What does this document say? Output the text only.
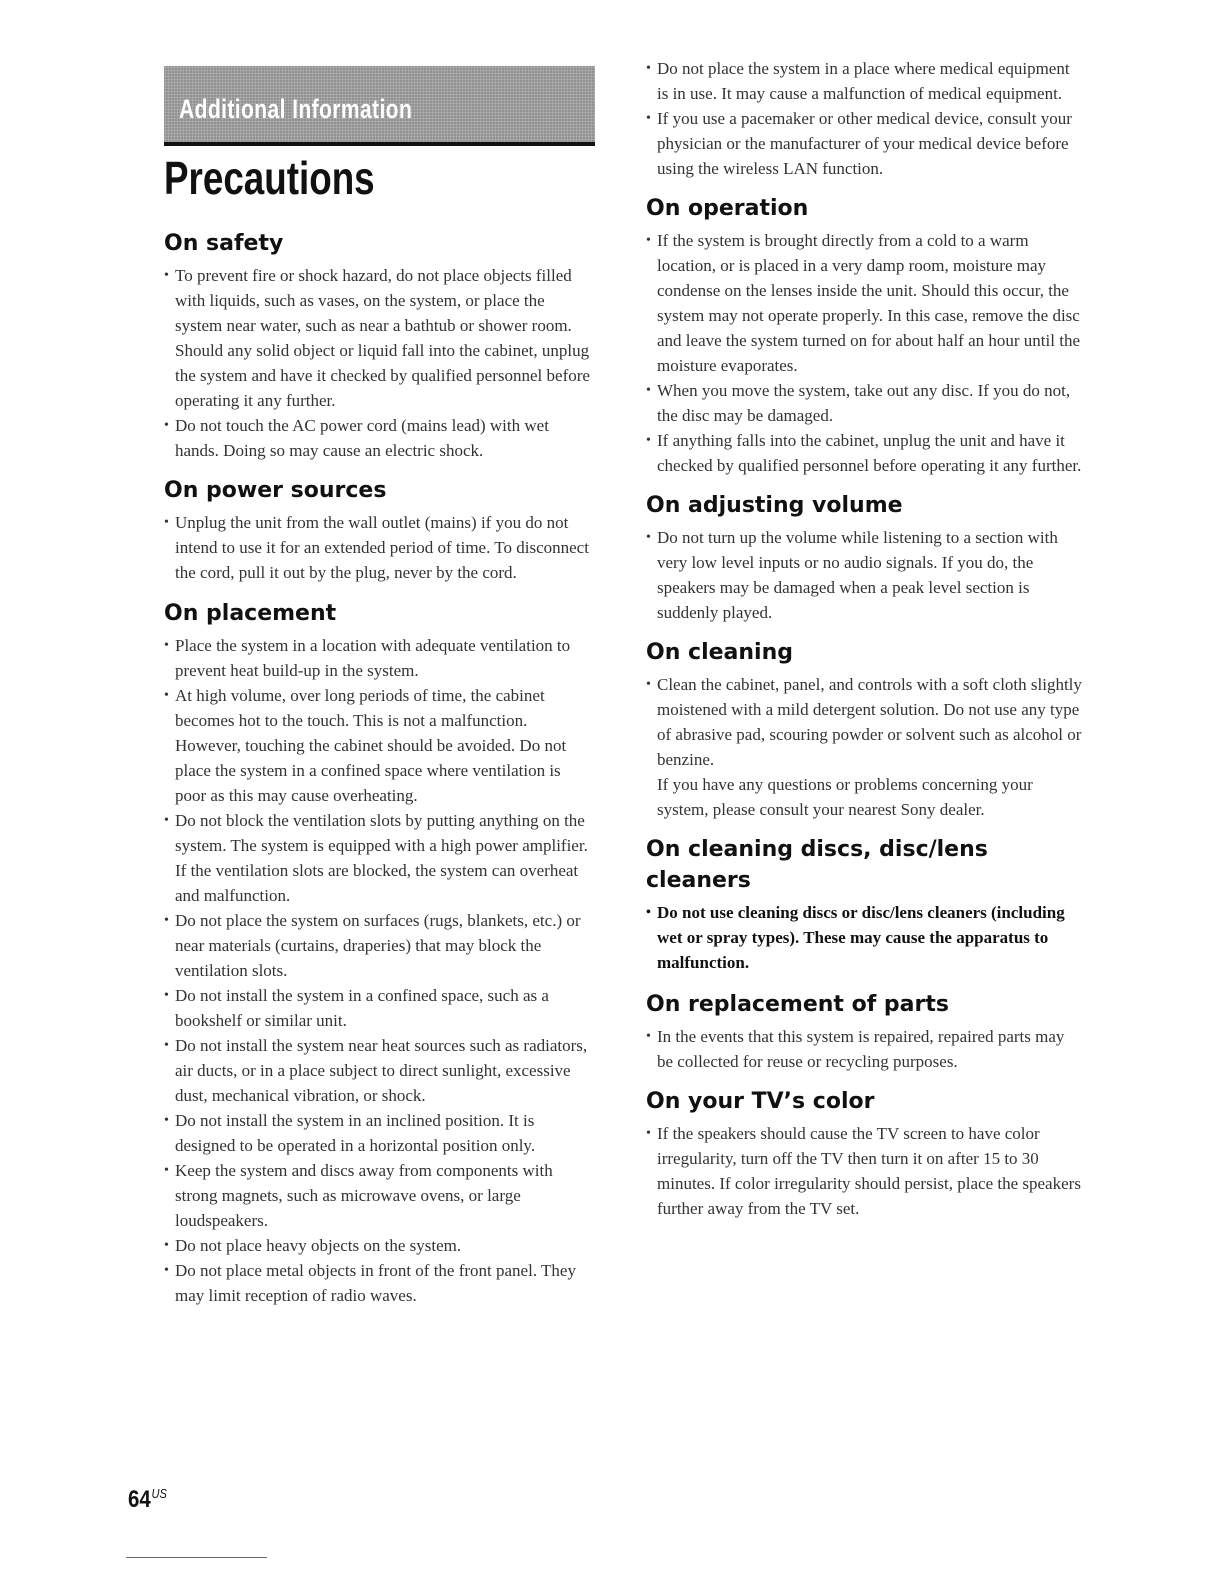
Additional Information
Precautions
On safety
• To prevent fire or shock hazard, do not place objects filled with liquids, such as vases, on the system, or place the system near water, such as near a bathtub or shower room. Should any solid object or liquid fall into the cabinet, unplug the system and have it checked by qualified personnel before operating it any further.
• Do not touch the AC power cord (mains lead) with wet hands. Doing so may cause an electric shock.
On power sources
• Unplug the unit from the wall outlet (mains) if you do not intend to use it for an extended period of time. To disconnect the cord, pull it out by the plug, never by the cord.
On placement
• Place the system in a location with adequate ventilation to prevent heat build-up in the system.
• At high volume, over long periods of time, the cabinet becomes hot to the touch. This is not a malfunction. However, touching the cabinet should be avoided. Do not place the system in a confined space where ventilation is poor as this may cause overheating.
• Do not block the ventilation slots by putting anything on the system. The system is equipped with a high power amplifier. If the ventilation slots are blocked, the system can overheat and malfunction.
• Do not place the system on surfaces (rugs, blankets, etc.) or near materials (curtains, draperies) that may block the ventilation slots.
• Do not install the system in a confined space, such as a bookshelf or similar unit.
• Do not install the system near heat sources such as radiators, air ducts, or in a place subject to direct sunlight, excessive dust, mechanical vibration, or shock.
• Do not install the system in an inclined position. It is designed to be operated in a horizontal position only.
• Keep the system and discs away from components with strong magnets, such as microwave ovens, or large loudspeakers.
• Do not place heavy objects on the system.
• Do not place metal objects in front of the front panel. They may limit reception of radio waves.
• Do not place the system in a place where medical equipment is in use. It may cause a malfunction of medical equipment.
• If you use a pacemaker or other medical device, consult your physician or the manufacturer of your medical device before using the wireless LAN function.
On operation
• If the system is brought directly from a cold to a warm location, or is placed in a very damp room, moisture may condense on the lenses inside the unit. Should this occur, the system may not operate properly. In this case, remove the disc and leave the system turned on for about half an hour until the moisture evaporates.
• When you move the system, take out any disc. If you do not, the disc may be damaged.
• If anything falls into the cabinet, unplug the unit and have it checked by qualified personnel before operating it any further.
On adjusting volume
• Do not turn up the volume while listening to a section with very low level inputs or no audio signals. If you do, the speakers may be damaged when a peak level section is suddenly played.
On cleaning
• Clean the cabinet, panel, and controls with a soft cloth slightly moistened with a mild detergent solution. Do not use any type of abrasive pad, scouring powder or solvent such as alcohol or benzine.

If you have any questions or problems concerning your system, please consult your nearest Sony dealer.

On cleaning discs, disc/lens cleaners
• Do not use cleaning discs or disc/lens cleaners (including wet or spray types). These may cause the apparatus to malfunction.
On replacement of parts
• In the events that this system is repaired, repaired parts may be collected for reuse or recycling purposes.
On your TV’s color
• If the speakers should cause the TV screen to have color irregularity, turn off the TV then turn it on after 15 to 30 minutes. If color irregularity should persist, place the speakers further away from the TV set.
$64^{US}$
